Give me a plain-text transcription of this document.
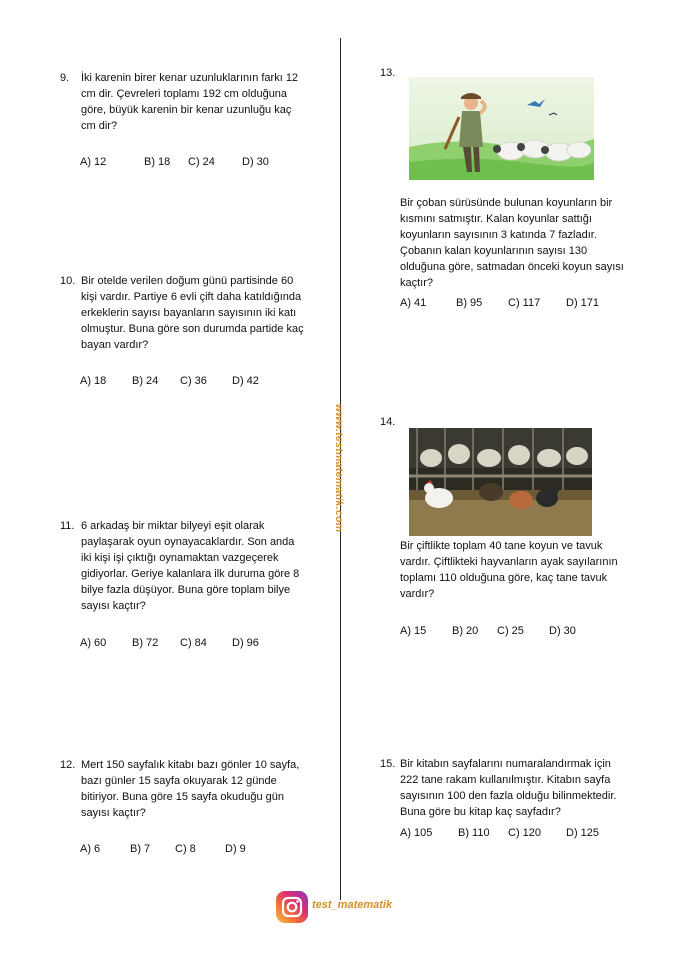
www.testmatematik.com
9. İki karenin birer kenar uzunluklarının farkı 12
cm dir. Çevreleri toplamı 192 cm olduğuna
göre, büyük karenin bir kenar uzunluğu kaç
cm dir?
A) 12	B) 18 C) 24 D) 30
10. Bir otelde verilen doğum günü partisinde 60
kişi vardır. Partiye 6 evli çift daha katıldığında
erkeklerin sayısı bayanların sayısının iki katı
olmuştur. Buna göre son durumda partide kaç
bayan vardır?
A) 18 B) 24 C) 36 D) 42
11. 6 arkadaş bir miktar bilyeyi eşit olarak
paylaşarak oyun oynayacaklardır. Son anda
iki kişi işi çıktığı oynamaktan vazgeçerek
gidiyorlar. Geriye kalanlara ilk duruma göre 8
bilye fazla düşüyor. Buna göre toplam bilye
sayısı kaçtır?
A) 60 B) 72 C) 84 D) 96
12. Mert 150 sayfalık kitabı bazı gönler 10 sayfa,
bazı günler 15 sayfa okuyarak 12 günde
bitiriyor. Buna göre 15 sayfa okuduğu gün
sayısı kaçtır?
A) 6	B) 7 C) 8	D) 9
13.
Bir çoban sürüsünde bulunan koyunların bir
kısmını satmıştır. Kalan koyunlar sattığı
koyunların sayısının 3 katında 7 fazladır.
Çobanın kalan koyunlarının sayısı 130
olduğuna göre, satmadan önceki koyun sayısı
kaçtır?
A) 41	B) 95 C) 117 D) 171
14.
Bir çiftlikte toplam 40 tane koyun ve tavuk
vardır. Çiftlikteki hayvanların ayak sayılarının
toplamı 110 olduğuna göre, kaç tane tavuk
vardır?
A) 15 B) 20 C) 25 D) 30
15. Bir kitabın sayfalarını numaralandırmak için
222 tane rakam kullanılmıştır. Kitabın sayfa
sayısının 100 den fazla olduğu bilinmektedir.
Buna göre bu kitap kaç sayfadır?
A) 105 B) 110 C) 120 D) 125
test_matematik
